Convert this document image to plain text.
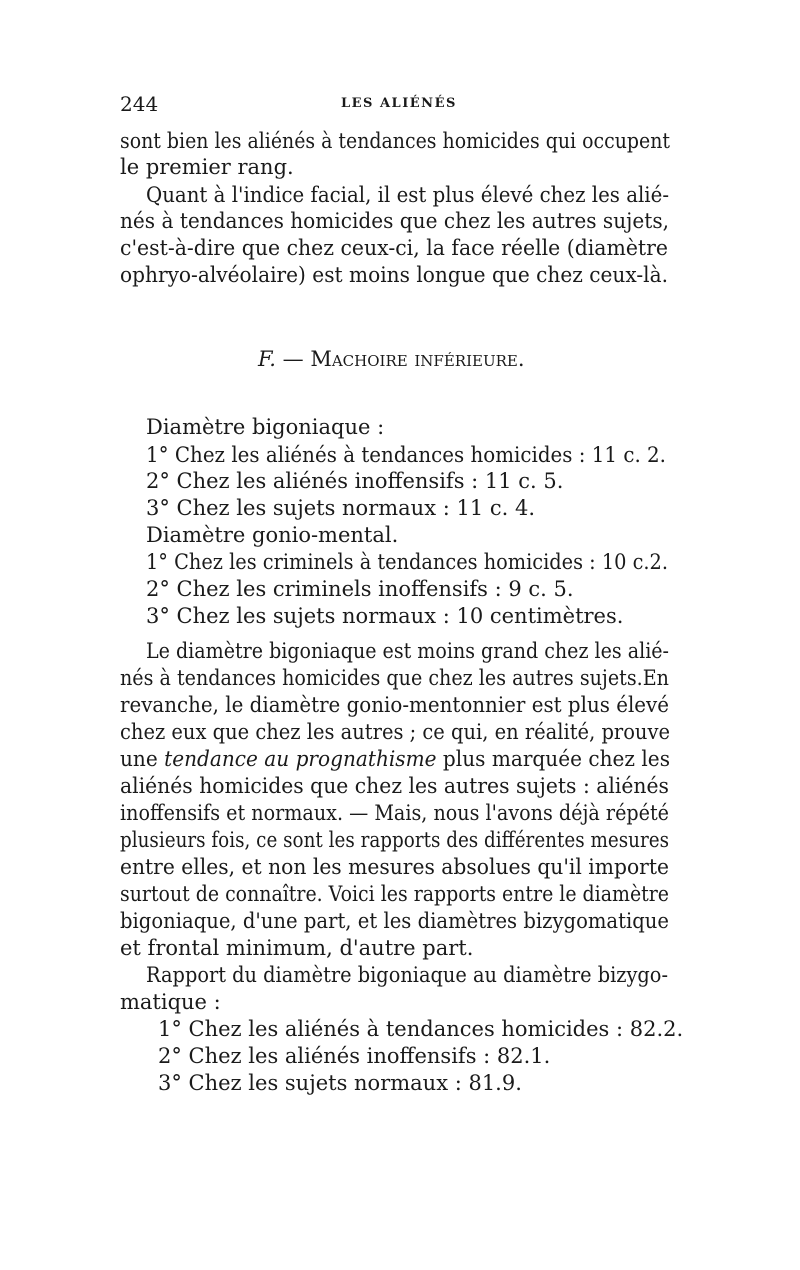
244	LES ALIÉNÉS
sont bien les aliénés à tendances homicides qui occupent
le premier rang.
Quant à l'indice facial, il est plus élevé chez les alié-
nés à tendances homicides que chez les autres sujets,
c'est-à-dire que chez ceux-ci, la face réelle (diamètre
ophryo-alvéolaire) est moins longue que chez ceux-là.
F. — Machoire inférieure.
Diamètre bigoniaque :
1° Chez les aliénés à tendances homicides : 11 c. 2.
2° Chez les aliénés inoffensifs : 11 c. 5.
3° Chez les sujets normaux : 11 c. 4.
Diamètre gonio-mental.
1° Chez les criminels à tendances homicides : 10 c.2.
2° Chez les criminels inoffensifs : 9 c. 5.
3° Chez les sujets normaux : 10 centimètres.
Le diamètre bigoniaque est moins grand chez les alié-
nés à tendances homicides que chez les autres sujets.En
revanche, le diamètre gonio-mentonnier est plus élevé
chez eux que chez les autres ; ce qui, en réalité, prouve
une tendance au prognathisme plus marquée chez les
aliénés homicides que chez les autres sujets : aliénés
inoffensifs et normaux. — Mais, nous l'avons déjà répété
plusieurs fois, ce sont les rapports des différentes mesures
entre elles, et non les mesures absolues qu'il importe
surtout de connaître. Voici les rapports entre le diamètre
bigoniaque, d'une part, et les diamètres bizygomatique
et frontal minimum, d'autre part.
Rapport du diamètre bigoniaque au diamètre bizygo-
matique :
1° Chez les aliénés à tendances homicides : 82.2.
2° Chez les aliénés inoffensifs : 82.1.
3° Chez les sujets normaux : 81.9.
